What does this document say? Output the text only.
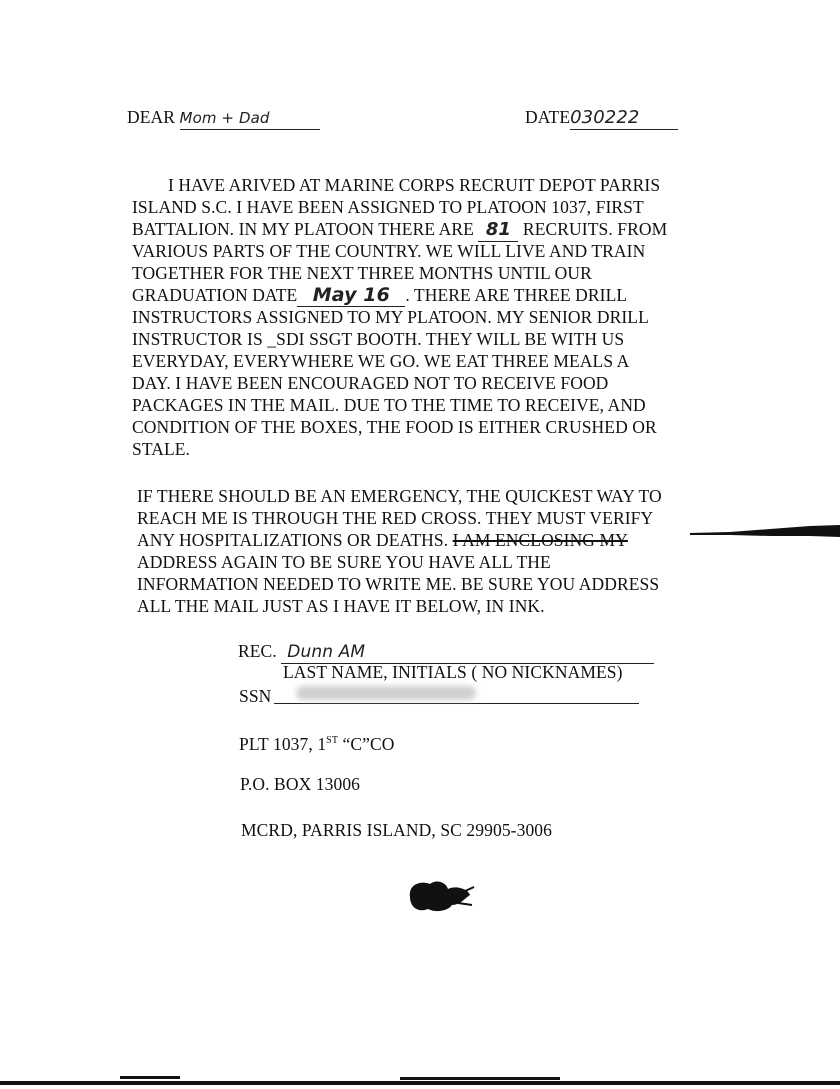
DEAR Mom + Dad	DATE030222
I HAVE ARIVED AT MARINE CORPS RECRUIT DEPOT PARRIS
ISLAND S.C. I HAVE BEEN ASSIGNED TO PLATOON 1037, FIRST
BATTALION. IN MY PLATOON THERE ARE 81 RECRUITS. FROM
VARIOUS PARTS OF THE COUNTRY. WE WILL LIVE AND TRAIN
TOGETHER FOR THE NEXT THREE MONTHS UNTIL OUR
GRADUATION DATE May 16 . THERE ARE THREE DRILL
INSTRUCTORS ASSIGNED TO MY PLATOON. MY SENIOR DRILL
INSTRUCTOR IS _SDI SSGT BOOTH. THEY WILL BE WITH US
EVERYDAY, EVERYWHERE WE GO. WE EAT THREE MEALS A
DAY. I HAVE BEEN ENCOURAGED NOT TO RECEIVE FOOD
PACKAGES IN THE MAIL. DUE TO THE TIME TO RECEIVE, AND
CONDITION OF THE BOXES, THE FOOD IS EITHER CRUSHED OR
STALE.
IF THERE SHOULD BE AN EMERGENCY, THE QUICKEST WAY TO
REACH ME IS THROUGH THE RED CROSS. THEY MUST VERIFY
ANY HOSPITALIZATIONS OR DEATHS. I AM ENCLOSING MY
ADDRESS AGAIN TO BE SURE YOU HAVE ALL THE
INFORMATION NEEDED TO WRITE ME. BE SURE YOU ADDRESS
ALL THE MAIL JUST AS I HAVE IT BELOW, IN INK.
REC. Dunn AM
LAST NAME, INITIALS ( NO NICKNAMES)
SSN
PLT 1037, 1ST “C”CO
P.O. BOX 13006
MCRD, PARRIS ISLAND, SC 29905-3006
